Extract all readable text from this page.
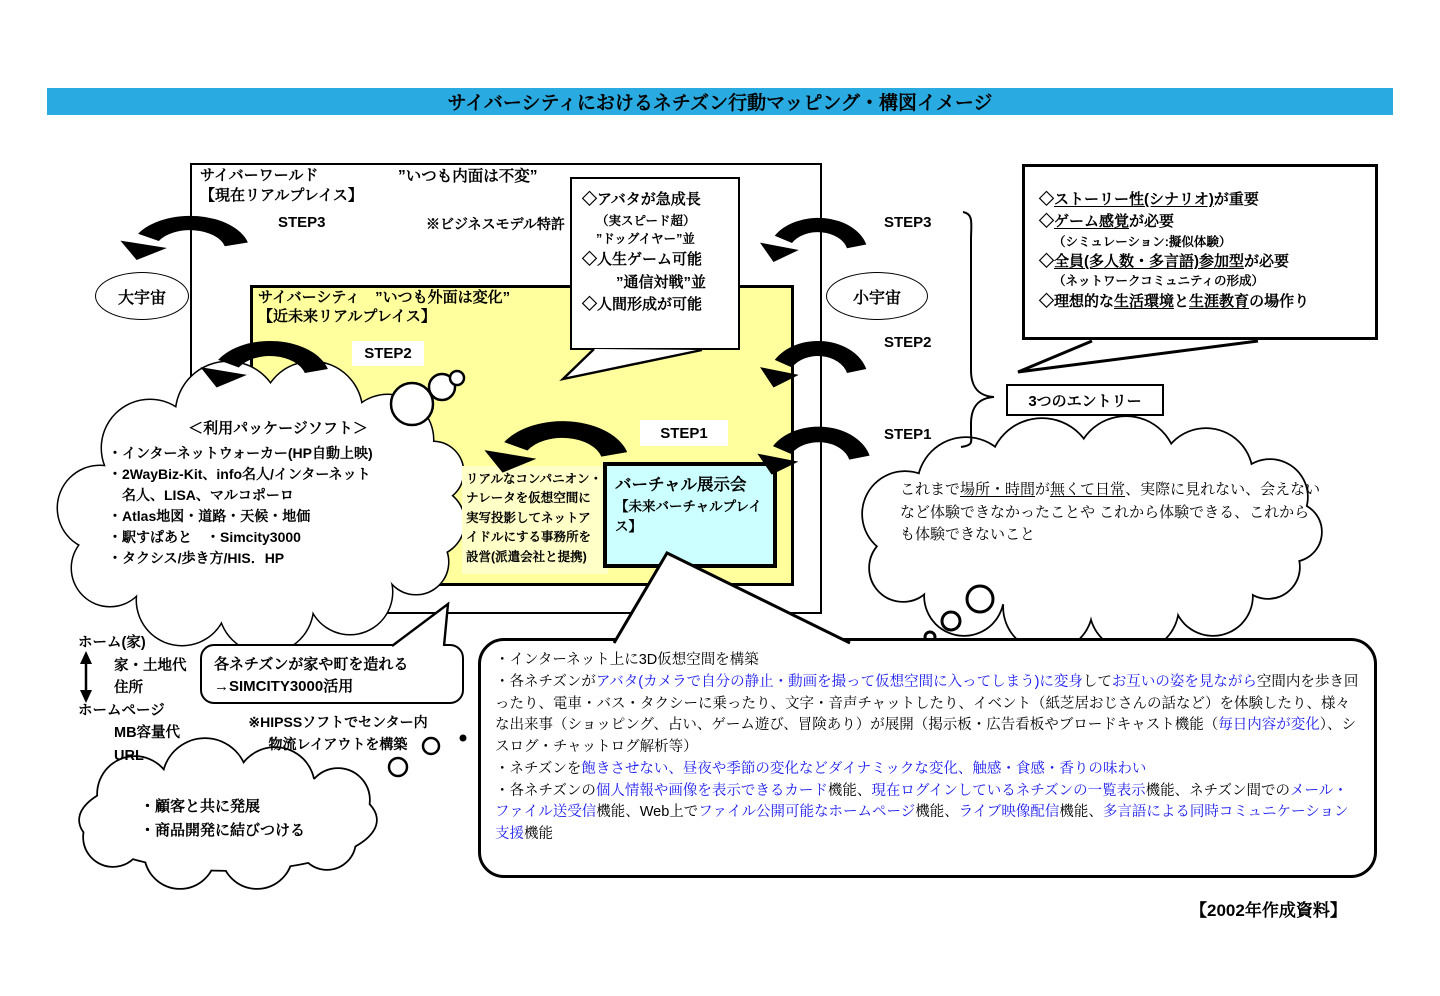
サイバーシティにおけるネチズン行動マッピング・構図イメージ
サイバーワールド
【現在リアルプレイス】
”いつも内面は不変”
※ビジネスモデル特許
サイバーシティ　”いつも外面は変化”
【近未来リアルプレイス】
◇アバタが急成長
（実スピード超）
”ドッグイヤー”並
◇人生ゲーム可能
”通信対戦”並
◇人間形成が可能
◇ストーリー性(シナリオ)が重要
◇ゲーム感覚が必要
（シミュレーション:擬似体験）
◇全員(多人数・多言語)参加型が必要
（ネットワークコミュニティの形成）
◇理想的な生活環境と生涯教育の場作り
3つのエントリー
リアルなコンパニオン・
ナレータを仮想空間に
実写投影してネットア
イドルにする事務所を
設営(派遣会社と提携)
バーチャル展示会
【未来バーチャルプレイス】
＜利用パッケージソフト＞
・インターネットウォーカー(HP自動上映)
・2WayBiz-Kit、info名人/インターネット
　名人、LISA、マルコポーロ
・Atlas地図・道路・天候・地価
・駅すぱあと　・Simcity3000
・タクシス/歩き方/HIS．HP
これまで場所・時間が無くて日常、実際に見れない、会えないなど体験できなかったことや これから体験できる、これからも体験できないこと
ホーム(家)
家・土地代
住所
ホームページ
MB容量代
URL
各ネチズンが家や町を造れる
→SIMCITY3000活用
※HIPSSソフトでセンター内
物流レイアウトを構築
・顧客と共に発展
・商品開発に結びつける
・インターネット上に3D仮想空間を構築
・各ネチズンがアバタ(カメラで自分の静止・動画を撮って仮想空間に入ってしまう)に変身してお互いの姿を見ながら空間内を歩き回ったり、電車・バス・タクシーに乗ったり、文字・音声チャットしたり、イベント（紙芝居おじさんの話など）を体験したり、様々な出来事（ショッピング、占い、ゲーム遊び、冒険あり）が展開（掲示板・広告看板やブロードキャスト機能（毎日内容が変化）、シスログ・チャットログ解析等）
・ネチズンを飽きさせない、昼夜や季節の変化などダイナミックな変化、触感・食感・香りの味わい
・各ネチズンの個人情報や画像を表示できるカード機能、現在ログインしているネチズンの一覧表示機能、ネチズン間でのメール・ファイル送受信機能、Web上でファイル公開可能なホームページ機能、ライブ映像配信機能、多言語による同時コミュニケーション支援機能
【2002年作成資料】
大宇宙	小宇宙
STEP3	STEP3
STEP2
STEP2
STEP1	STEP1
